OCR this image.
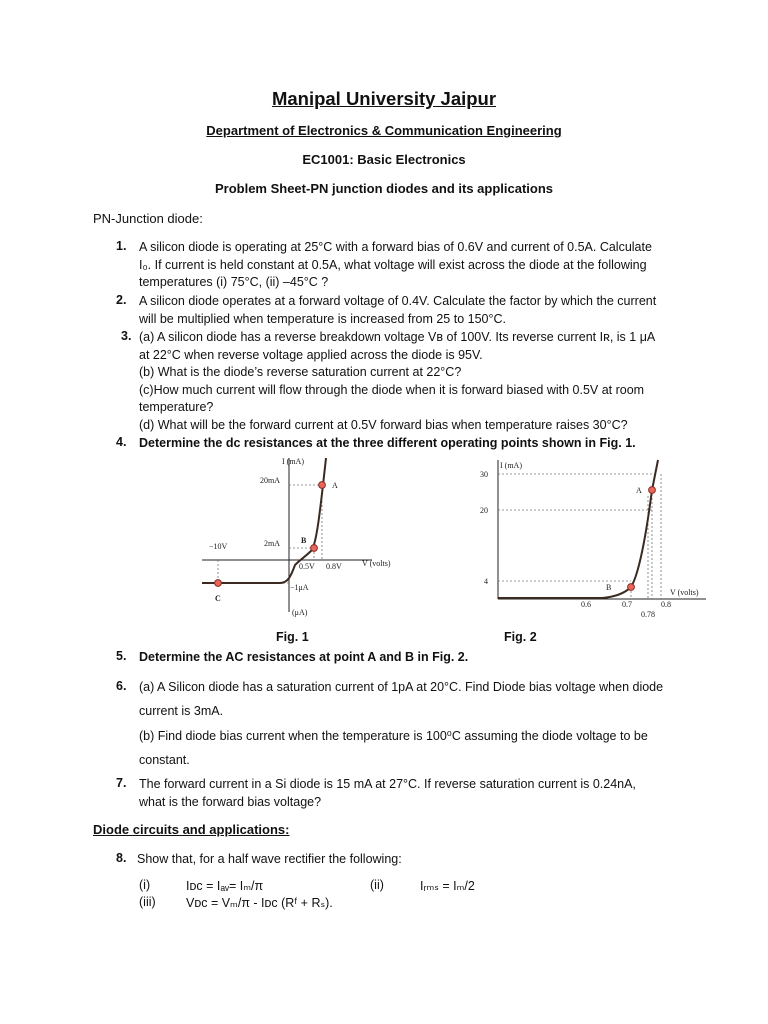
Manipal University Jaipur
Department of Electronics & Communication Engineering
EC1001: Basic Electronics
Problem Sheet-PN junction diodes and its applications
PN-Junction diode:
1. A silicon diode is operating at 25°C with a forward bias of 0.6V and current of 0.5A. Calculate
I₀. If current is held constant at 0.5A, what voltage will exist across the diode at the following
temperatures (i) 75°C, (ii) –45°C ?
2. A silicon diode operates at a forward voltage of 0.4V. Calculate the factor by which the current
will be multiplied when temperature is increased from 25 to 150°C.
3. (a) A silicon diode has a reverse breakdown voltage Vʙ of 100V. Its reverse current Iʀ, is 1 μA
at 22°C when reverse voltage applied across the diode is 95V.
(b) What is the diode’s reverse saturation current at 22°C?
(c)How much current will flow through the diode when it is forward biased with 0.5V at room
temperature?
(d) What will be the forward current at 0.5V forward bias when temperature raises 30°C?
4. Determine the dc resistances at the three different operating points shown in Fig. 1.
I (mA)
20mA
A
−10V	2mA	B
V (volts)
0.5V 0.8V
−1μA
C
(μA)
I (mA)
30
20
4
A
B
V (volts)
0.6	0.7	0.8
0.78
Fig. 1	Fig. 2
5. Determine the AC resistances at point A and B in Fig. 2.
6. (a) A Silicon diode has a saturation current of 1pA at 20°C. Find Diode bias voltage when diode
current is 3mA.
(b) Find diode bias current when the temperature is 100⁰C assuming the diode voltage to be
constant.
7. The forward current in a Si diode is 15 mA at 27°C. If reverse saturation current is 0.24nA,
what is the forward bias voltage?
Diode circuits and applications:
8. Show that, for a half wave rectifier the following:
(i)	Iᴅᴄ = Iₐᵥ= Iₘ/π	(ii)	Iᵣₘₛ = Iₘ/2
(iii) Vᴅᴄ = Vₘ/π - Iᴅᴄ (Rᶠ + Rₛ).
